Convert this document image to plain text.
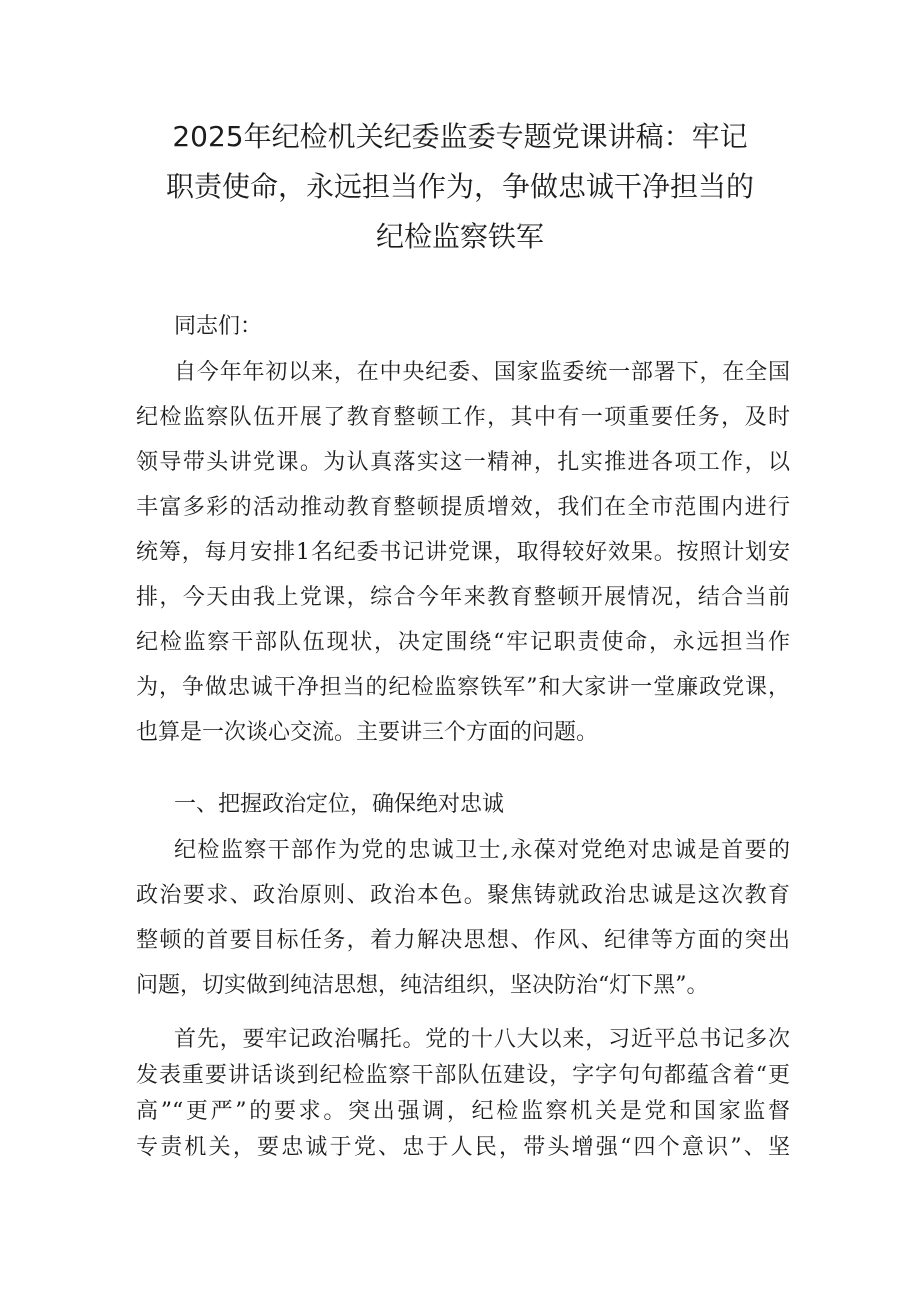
2025年纪检机关纪委监委专题党课讲稿：牢记
职责使命，永远担当作为，争做忠诚干净担当的
纪检监察铁军
同志们：
自今年年初以来，在中央纪委、国家监委统一部署下，在全国
纪检监察队伍开展了教育整顿工作，其中有一项重要任务，及时
领导带头讲党课。为认真落实这一精神，扎实推进各项工作，以
丰富多彩的活动推动教育整顿提质增效，我们在全市范围内进行
统筹，每月安排1名纪委书记讲党课，取得较好效果。按照计划安
排，今天由我上党课，综合今年来教育整顿开展情况，结合当前
纪检监察干部队伍现状，决定围绕“牢记职责使命，永远担当作
为，争做忠诚干净担当的纪检监察铁军”和大家讲一堂廉政党课，
也算是一次谈心交流。主要讲三个方面的问题。
一、把握政治定位，确保绝对忠诚
纪检监察干部作为党的忠诚卫士,永葆对党绝对忠诚是首要的
政治要求、政治原则、政治本色。聚焦铸就政治忠诚是这次教育
整顿的首要目标任务，着力解决思想、作风、纪律等方面的突出
问题，切实做到纯洁思想，纯洁组织，坚决防治“灯下黑”。
首先，要牢记政治嘱托。党的十八大以来，习近平总书记多次
发表重要讲话谈到纪检监察干部队伍建设，字字句句都蕴含着“更
高”“更严”的要求。突出强调，纪检监察机关是党和国家监督
专责机关，要忠诚于党、忠于人民，带头增强“四个意识”、坚
